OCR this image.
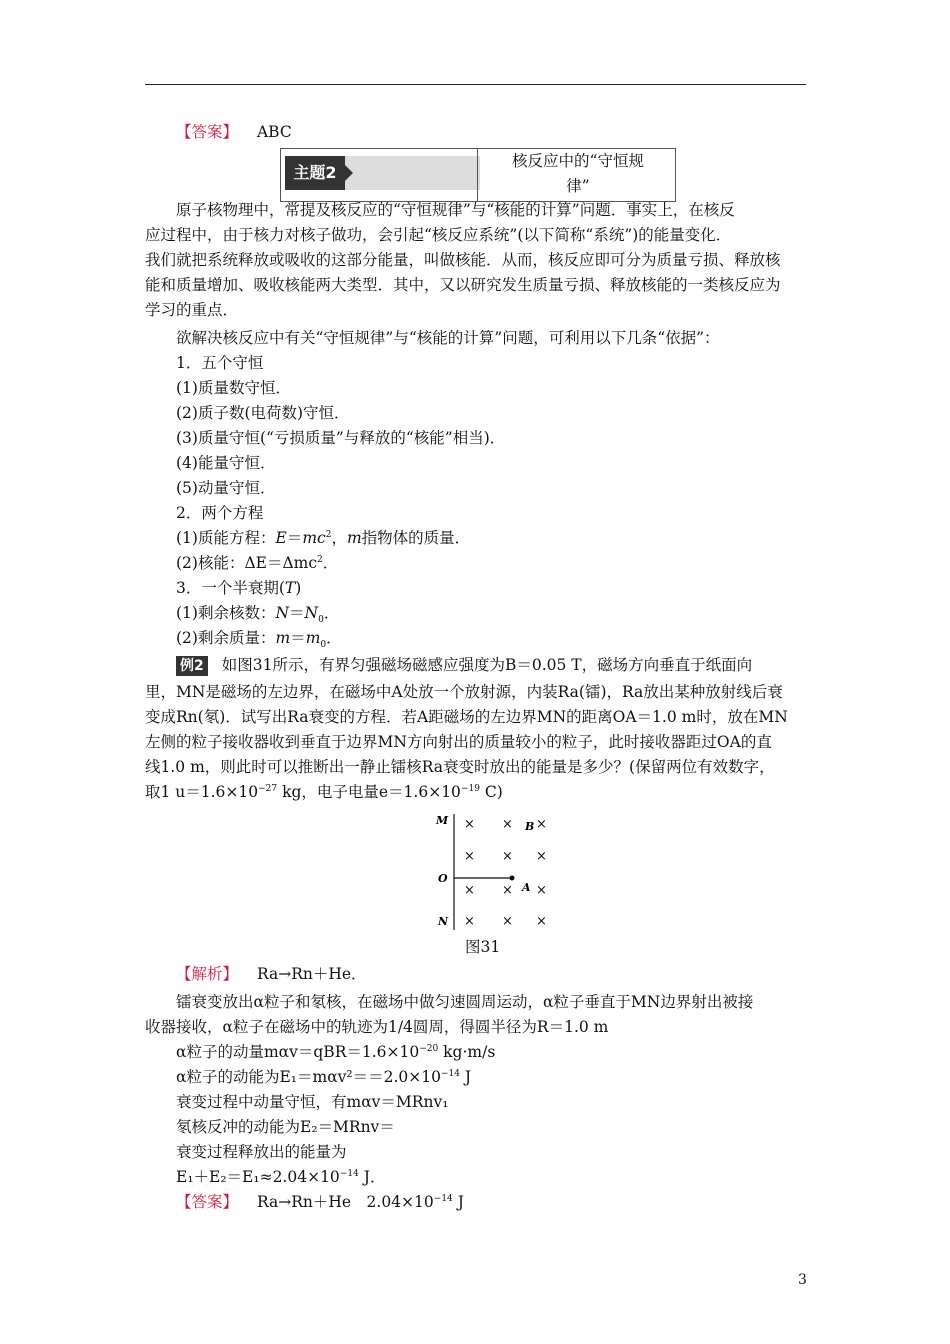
【答案】 ABC
主题2
核反应中的“守恒规
律”
原子核物理中，常提及核反应的“守恒规律”与“核能的计算”问题．事实上，在核反
应过程中，由于核力对核子做功，会引起“核反应系统”(以下简称“系统”)的能量变化．
我们就把系统释放或吸收的这部分能量，叫做核能．从而，核反应即可分为质量亏损、释放核
能和质量增加、吸收核能两大类型．其中，又以研究发生质量亏损、释放核能的一类核反应为
学习的重点．
欲解决核反应中有关“守恒规律”与“核能的计算”问题，可利用以下几条“依据”：
1．五个守恒
(1)质量数守恒．
(2)质子数(电荷数)守恒．
(3)质量守恒(“亏损质量”与释放的“核能”相当)．
(4)能量守恒．
(5)动量守恒．
2．两个方程
(1)质能方程：$E=mc^2$，m指物体的质量．
(2)核能：ΔE＝Δmc$^2$．
3．一个半衰期(T)
(1)剩余核数：$N=N_0$．
(2)剩余质量：$m=m_0$．
例2 如图31所示，有界匀强磁场磁感应强度为B＝0.05 T，磁场方向垂直于纸面向
里，MN是磁场的左边界，在磁场中A处放一个放射源，内装Ra(镭)，Ra放出某种放射线后衰
变成Rn(氡)．试写出Ra衰变的方程．若A距磁场的左边界MN的距离OA＝1.0 m时，放在MN
左侧的粒子接收器收到垂直于边界MN方向射出的质量较小的粒子，此时接收器距过OA的直
线1.0 m，则此时可以推断出一静止镭核Ra衰变时放出的能量是多少？(保留两位有效数字，
取1 $u=1.6\times 10^{-27}$ kg，电子电量$e=1.6\times 10^{-19}$ C)
M
O
N
A
B
× × ×
× × ×
× × ×
× × ×
图31
【解析】 Ra→Rn＋He．
镭衰变放出α粒子和氡核，在磁场中做匀速圆周运动，α粒子垂直于MN边界射出被接
收器接收，α粒子在磁场中的轨迹为1/4圆周，得圆半径为R＝1.0 m
α粒子的动量$m\alpha v=qBR=1.6\times 10^{-20}$ kg·m/s
α粒子的动能为$E_1=m\alpha v^2==2.0\times 10^{-14}$ J
衰变过程中动量守恒，有mαv＝MRnv₁
氡核反冲的动能为E₂＝MRnv＝
衰变过程释放出的能量为
$E_1+E_2=E_1\approx 2.04\times 10^{-14}$ J．
【答案】 Ra→Rn＋He　$2.04\times 10^{-14}$ J
3
